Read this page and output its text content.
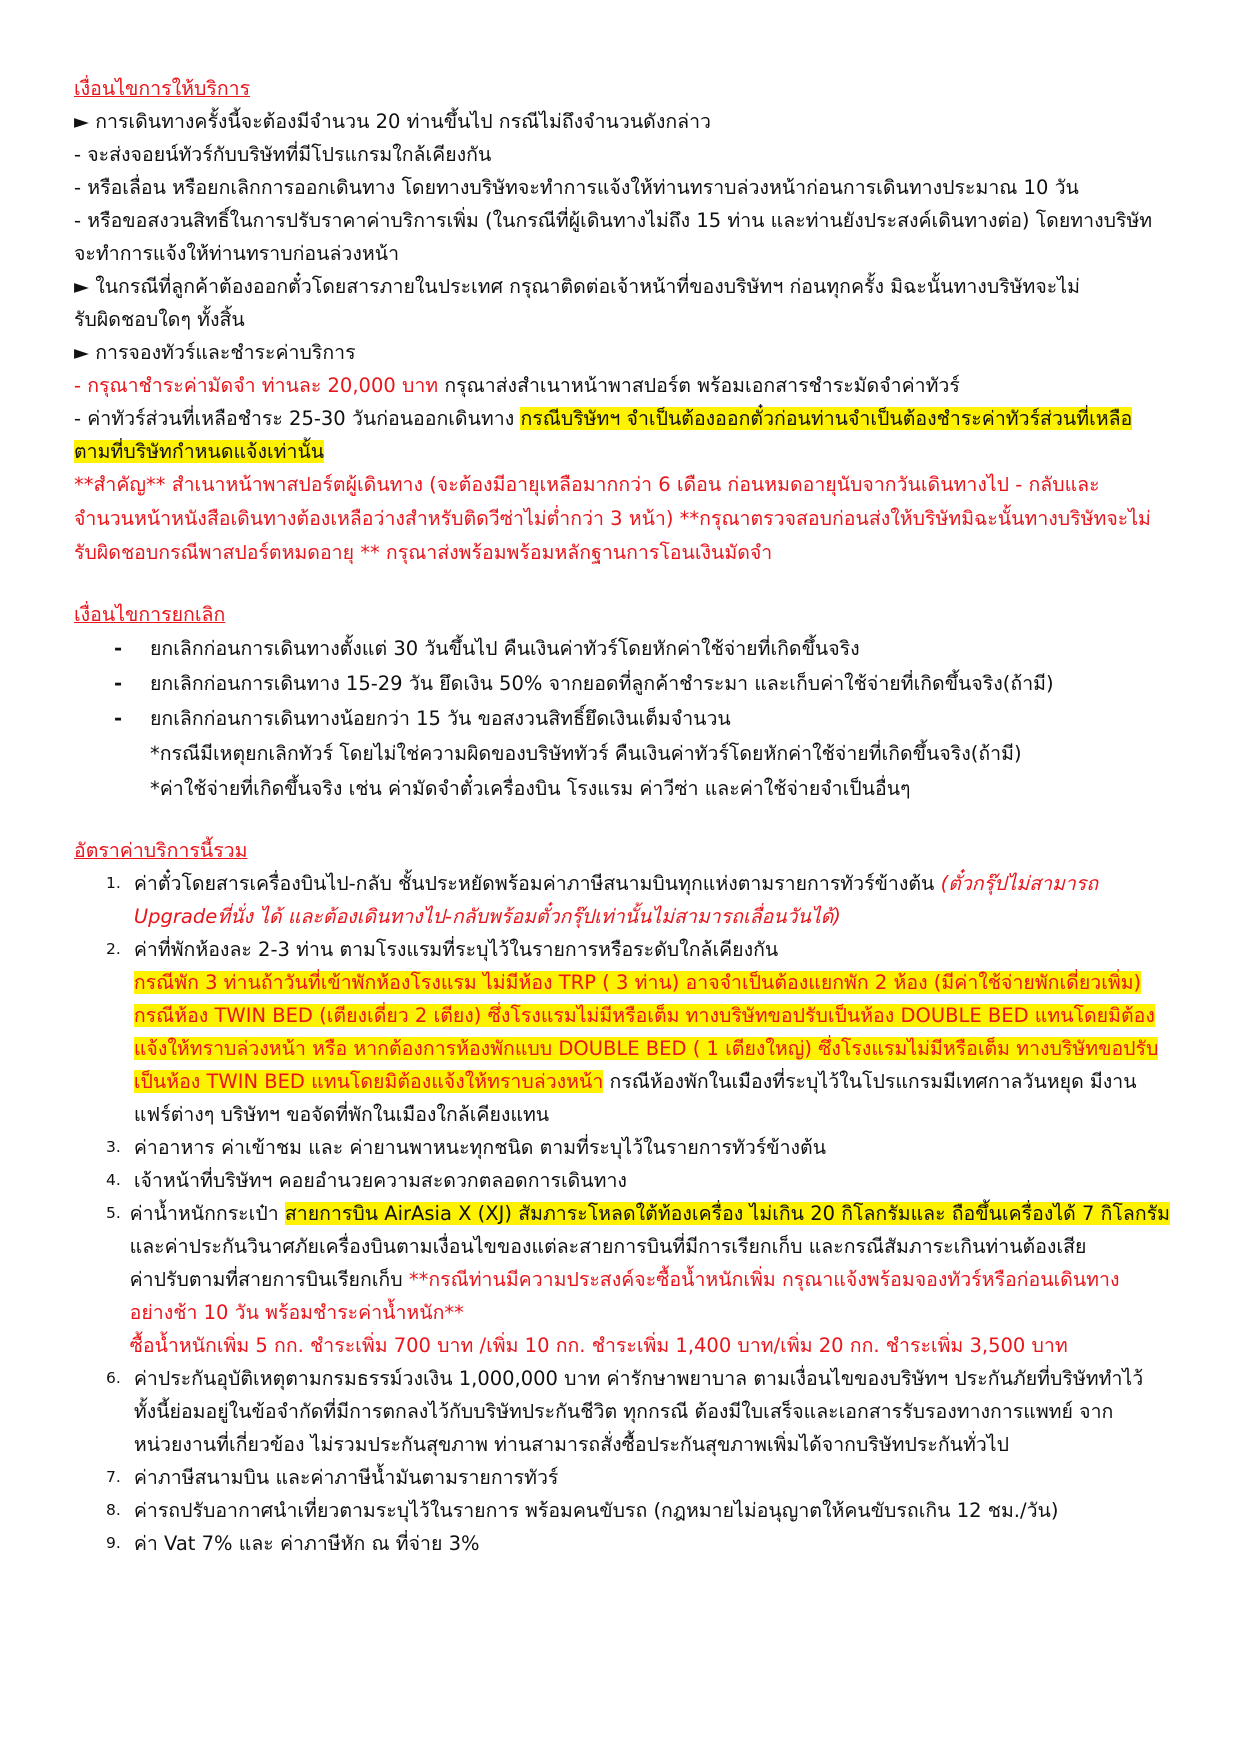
เงื่อนไขการให้บริการ
► การเดินทางครั้งนี้จะต้องมีจำนวน 20 ท่านขึ้นไป กรณีไม่ถึงจำนวนดังกล่าว
- จะส่งจอยน์ทัวร์กับบริษัทที่มีโปรแกรมใกล้เคียงกัน
- หรือเลื่อน หรือยกเลิกการออกเดินทาง โดยทางบริษัทจะทำการแจ้งให้ท่านทราบล่วงหน้าก่อนการเดินทางประมาณ 10 วัน
- หรือขอสงวนสิทธิ์ในการปรับราคาค่าบริการเพิ่ม (ในกรณีที่ผู้เดินทางไม่ถึง 15 ท่าน และท่านยังประสงค์เดินทางต่อ) โดยทางบริษัท
จะทำการแจ้งให้ท่านทราบก่อนล่วงหน้า
► ในกรณีที่ลูกค้าต้องออกตั๋วโดยสารภายในประเทศ กรุณาติดต่อเจ้าหน้าที่ของบริษัทฯ ก่อนทุกครั้ง มิฉะนั้นทางบริษัทจะไม่
รับผิดชอบใดๆ ทั้งสิ้น
► การจองทัวร์และชำระค่าบริการ
- กรุณาชำระค่ามัดจำ ท่านละ 20,000 บาท กรุณาส่งสำเนาหน้าพาสปอร์ต พร้อมเอกสารชำระมัดจำค่าทัวร์
- ค่าทัวร์ส่วนที่เหลือชำระ 25-30 วันก่อนออกเดินทาง กรณีบริษัทฯ จำเป็นต้องออกตั๋วก่อนท่านจำเป็นต้องชำระค่าทัวร์ส่วนที่เหลือ
ตามที่บริษัทกำหนดแจ้งเท่านั้น
**สำคัญ** สำเนาหน้าพาสปอร์ตผู้เดินทาง (จะต้องมีอายุเหลือมากกว่า 6 เดือน ก่อนหมดอายุนับจากวันเดินทางไป - กลับและ
จำนวนหน้าหนังสือเดินทางต้องเหลือว่างสำหรับติดวีซ่าไม่ต่ำกว่า 3 หน้า) **กรุณาตรวจสอบก่อนส่งให้บริษัทมิฉะนั้นทางบริษัทจะไม่
รับผิดชอบกรณีพาสปอร์ตหมดอายุ ** กรุณาส่งพร้อมพร้อมหลักฐานการโอนเงินมัดจำ
เงื่อนไขการยกเลิก
-	ยกเลิกก่อนการเดินทางตั้งแต่ 30 วันขึ้นไป คืนเงินค่าทัวร์โดยหักค่าใช้จ่ายที่เกิดขึ้นจริง
-	ยกเลิกก่อนการเดินทาง 15-29 วัน ยึดเงิน 50% จากยอดที่ลูกค้าชำระมา และเก็บค่าใช้จ่ายที่เกิดขึ้นจริง(ถ้ามี)
-	ยกเลิกก่อนการเดินทางน้อยกว่า 15 วัน ขอสงวนสิทธิ์ยึดเงินเต็มจำนวน
*กรณีมีเหตุยกเลิกทัวร์ โดยไม่ใช่ความผิดของบริษัททัวร์ คืนเงินค่าทัวร์โดยหักค่าใช้จ่ายที่เกิดขึ้นจริง(ถ้ามี)
*ค่าใช้จ่ายที่เกิดขึ้นจริง เช่น ค่ามัดจำตั๋วเครื่องบิน โรงแรม ค่าวีซ่า และค่าใช้จ่ายจำเป็นอื่นๆ
อัตราค่าบริการนี้รวม
1. ค่าตั๋วโดยสารเครื่องบินไป-กลับ ชั้นประหยัดพร้อมค่าภาษีสนามบินทุกแห่งตามรายการทัวร์ข้างต้น (ตั๋วกรุ๊ปไม่สามารถ
Upgradeที่นั่ง ได้ และต้องเดินทางไป-กลับพร้อมตั๋วกรุ๊ปเท่านั้นไม่สามารถเลื่อนวันได้)
2. ค่าที่พักห้องละ 2-3 ท่าน ตามโรงแรมที่ระบุไว้ในรายการหรือระดับใกล้เคียงกัน
กรณีพัก 3 ท่านถ้าวันที่เข้าพักห้องโรงแรม ไม่มีห้อง TRP ( 3 ท่าน) อาจจำเป็นต้องแยกพัก 2 ห้อง (มีค่าใช้จ่ายพักเดี่ยวเพิ่ม)
กรณีห้อง TWIN BED (เตียงเดี่ยว 2 เตียง) ซึ่งโรงแรมไม่มีหรือเต็ม ทางบริษัทขอปรับเป็นห้อง DOUBLE BED แทนโดยมิต้อง
แจ้งให้ทราบล่วงหน้า หรือ หากต้องการห้องพักแบบ DOUBLE BED ( 1 เตียงใหญ่) ซึ่งโรงแรมไม่มีหรือเต็ม ทางบริษัทขอปรับ
เป็นห้อง TWIN BED แทนโดยมิต้องแจ้งให้ทราบล่วงหน้า กรณีห้องพักในเมืองที่ระบุไว้ในโปรแกรมมีเทศกาลวันหยุด มีงาน
แฟร์ต่างๆ บริษัทฯ ขอจัดที่พักในเมืองใกล้เคียงแทน
3. ค่าอาหาร ค่าเข้าชม และ ค่ายานพาหนะทุกชนิด ตามที่ระบุไว้ในรายการทัวร์ข้างต้น
4. เจ้าหน้าที่บริษัทฯ คอยอำนวยความสะดวกตลอดการเดินทาง
5. ค่าน้ำหนักกระเป๋า สายการบิน AirAsia X (XJ) สัมภาระโหลดใต้ท้องเครื่อง ไม่เกิน 20 กิโลกรัมและ ถือขึ้นเครื่องได้ 7 กิโลกรัม
และค่าประกันวินาศภัยเครื่องบินตามเงื่อนไขของแต่ละสายการบินที่มีการเรียกเก็บ และกรณีสัมภาระเกินท่านต้องเสีย
ค่าปรับตามที่สายการบินเรียกเก็บ **กรณีท่านมีความประสงค์จะซื้อน้ำหนักเพิ่ม กรุณาแจ้งพร้อมจองทัวร์หรือก่อนเดินทาง
อย่างช้า 10 วัน พร้อมชำระค่าน้ำหนัก**
ซื้อน้ำหนักเพิ่ม 5 กก. ชำระเพิ่ม 700 บาท /เพิ่ม 10 กก. ชำระเพิ่ม 1,400 บาท/เพิ่ม 20 กก. ชำระเพิ่ม 3,500 บาท
6. ค่าประกันอุบัติเหตุตามกรมธรรม์วงเงิน 1,000,000 บาท ค่ารักษาพยาบาล ตามเงื่อนไขของบริษัทฯ ประกันภัยที่บริษัททำไว้
ทั้งนี้ย่อมอยู่ในข้อจำกัดที่มีการตกลงไว้กับบริษัทประกันชีวิต ทุกกรณี ต้องมีใบเสร็จและเอกสารรับรองทางการแพทย์ จาก
หน่วยงานที่เกี่ยวข้อง ไม่รวมประกันสุขภาพ ท่านสามารถสั่งซื้อประกันสุขภาพเพิ่มได้จากบริษัทประกันทั่วไป
7. ค่าภาษีสนามบิน และค่าภาษีน้ำมันตามรายการทัวร์
8. ค่ารถปรับอากาศนำเที่ยวตามระบุไว้ในรายการ พร้อมคนขับรถ (กฎหมายไม่อนุญาตให้คนขับรถเกิน 12 ชม./วัน)
9. ค่า Vat 7% และ ค่าภาษีหัก ณ ที่จ่าย 3%
